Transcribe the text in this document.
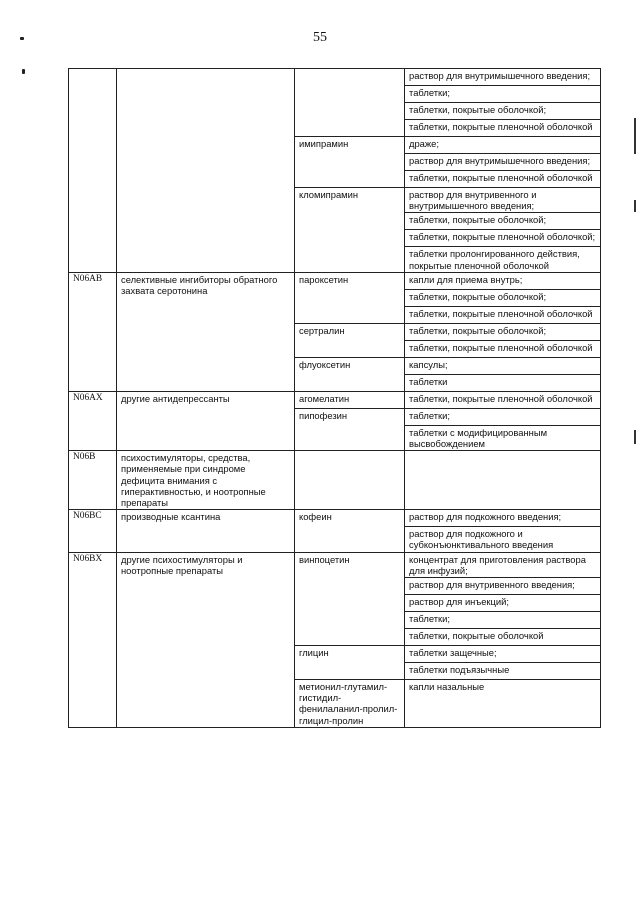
55
			раствор для внутримышечного введения;
			таблетки;
			таблетки, покрытые оболочкой;
			таблетки, покрытые пленочной оболочкой
		имипрамин	драже;
			раствор для внутримышечного введения;
			таблетки, покрытые пленочной оболочкой
		кломипрамин	раствор для внутривенного и внутримышечного введения;
			таблетки, покрытые оболочкой;
			таблетки, покрытые пленочной оболочкой;
			таблетки пролонгированного действия, покрытые пленочной оболочкой
N06AB	селективные ингибиторы обратного захвата серотонина	пароксетин	капли для приема внутрь;
			таблетки, покрытые оболочкой;
			таблетки, покрытые пленочной оболочкой
		сертралин	таблетки, покрытые оболочкой;
			таблетки, покрытые пленочной оболочкой
		флуоксетин	капсулы;
			таблетки
N06AX	другие антидепрессанты	агомелатин	таблетки, покрытые пленочной оболочкой
		пипофезин	таблетки;
			таблетки с модифицированным высвобождением
N06B	психостимуляторы, средства, применяемые при синдроме дефицита внимания с гиперактивностью, и ноотропные препараты		
N06BC	производные ксантина	кофеин	раствор для подкожного введения;
			раствор для подкожного и субконъюнктивального введения
N06BX	другие психостимуляторы и ноотропные препараты	винпоцетин	концентрат для приготовления раствора для инфузий;
			раствор для внутривенного введения;
			раствор для инъекций;
			таблетки;
			таблетки, покрытые оболочкой
		глицин	таблетки защечные;
			таблетки подъязычные
		метионил-глутамил-гистидил-фенилаланил-пролил-глицил-пролин	капли назальные
